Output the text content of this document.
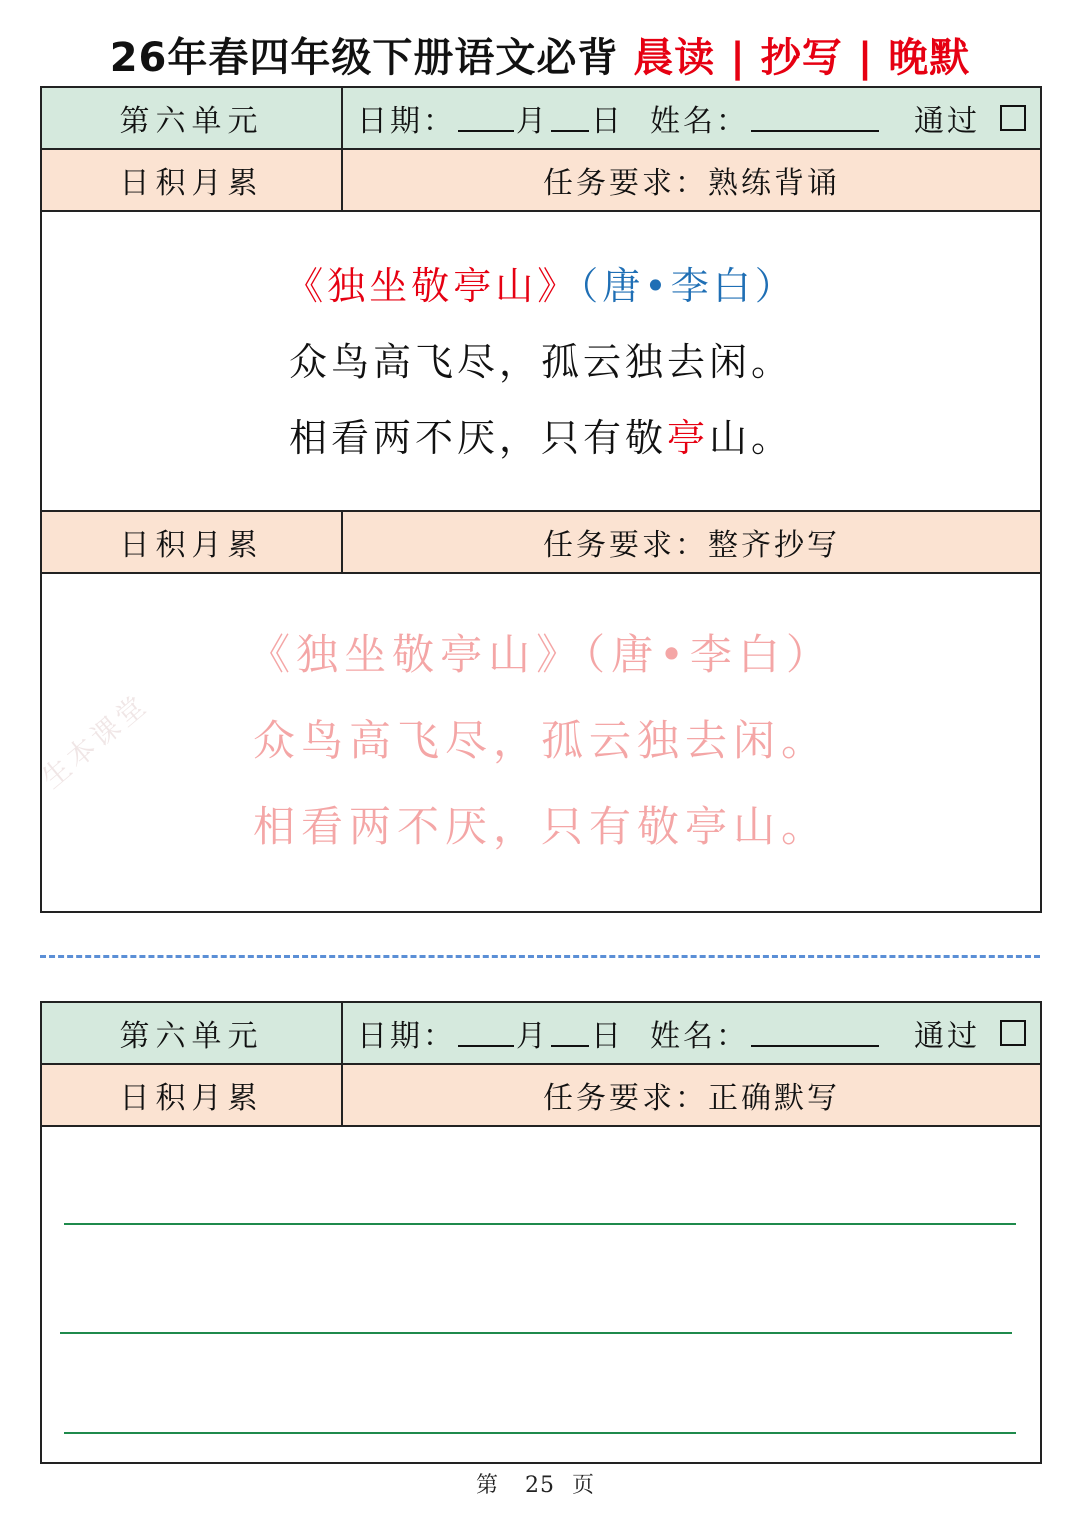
26年春四年级下册语文必背 晨读 | 抄写 | 晚默
第六单元	日期： 月 日 姓名：	通过
日积月累	任务要求：熟练背诵
《独坐敬亭山》（唐•李白）
众鸟高飞尽，孤云独去闲。
相看两不厌，只有敬亭山。
日积月累	任务要求：整齐抄写
《独坐敬亭山》（唐•李白）
众鸟高飞尽，孤云独去闲。
相看两不厌，只有敬亭山。
生本课堂
第六单元	日期： 月 日 姓名：	通过
日积月累	任务要求：正确默写
第 25 页
